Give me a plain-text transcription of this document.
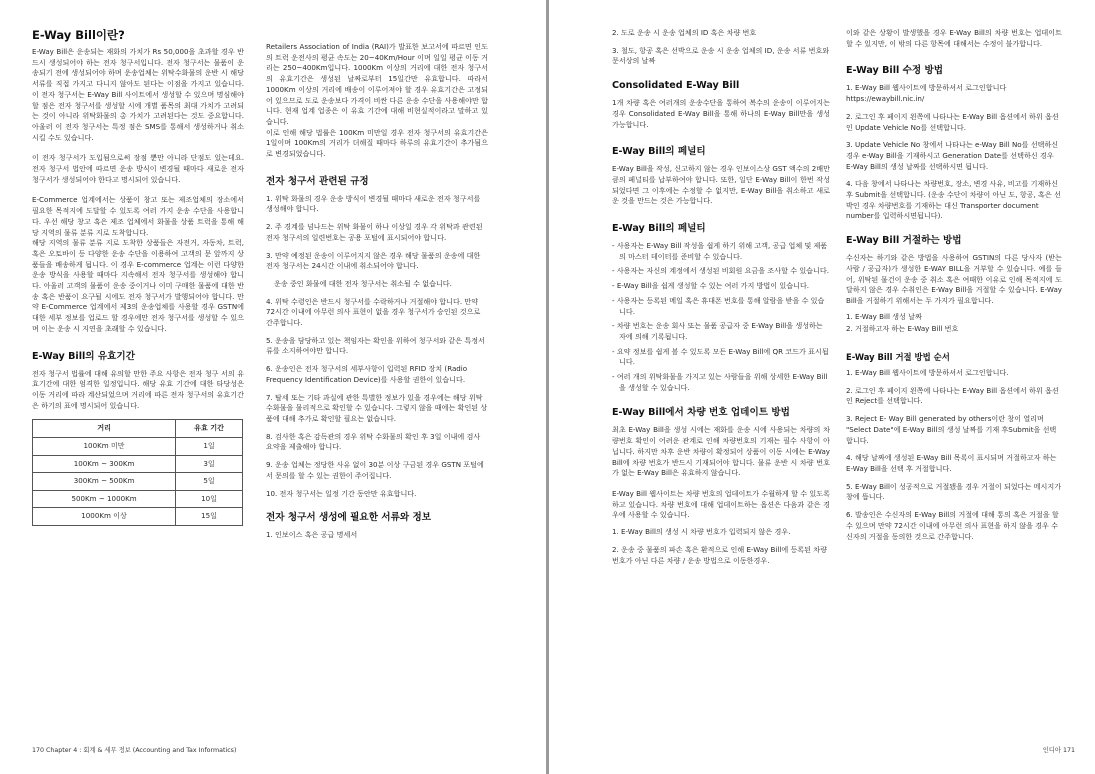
E-Way Bill이란?

E-Way Bill은 운송되는 재화의 가치가 Rs 50,000을 초과할 경우 반드시 생성되어야 하는 전자 청구서입니다. 전자 청구서는 물품이 운송되기 전에 생성되어야 하며 운송업체는 위탁수화물의 운반 시 해당 서류를 직접 가지고 다니지 않아도 된다는 이점을 가지고 있습니다. 이 전자 청구서는 E-Way Bill 사이트에서 생성할 수 있으며 명심해야 할 점은 전자 청구서를 생성할 시에 개별 품목의 최대 가치가 고려되는 것이 아니라 위탁화물의 총 가치가 고려된다는 것도 중요합니다. 아울러 이 전자 청구서는 특정 점은 SMS를 통해서 생성하거나 취소시킬 수도 있습니다.

이 전자 청구서가 도입됨으로써 장점 뿐만 아니라 단점도 있는데요. 전자 청구서 법안에 따르면 운송 방식이 변경될 때마다 새로운 전자 청구서가 생성되어야 한다고 명시되어 있습니다.

E-Commerce 업계에서는 상품이 창고 또는 제조업체의 장소에서 필요한 목적지에 도달할 수 있도록 여러 가지 운송 수단을 사용합니다. 우선 해당 창고 혹은 제조 업체에서 화물을 상품 트럭을 통해 해당 지역의 물류 분류 지로 도착합니다.

해당 지역의 물류 분류 지로 도착한 상품들은 자전거, 자동차, 트럭, 혹은 오토바이 등 다양한 운송 수단을 이용하여 고객의 문 앞까지 상품들을 배송하게 됩니다. 이 경우 E-commerce 업계는 이런 다양한 운송 방식을 사용할 때마다 지속해서 전자 청구서를 생성해야 합니다. 아울러 고객의 물품이 운송 중이거나 이미 구매한 물품에 대한 반송 혹은 반품이 요구될 시에도 전자 청구서가 발행되어야 합니다. 만약 E-Commerce 업계에서 제3의 운송업체를 사용할 경우 GSTN에 대한 세부 정보를 업로드 할 경우에만 전자 청구서를 생성할 수 있으며 이는 운송 시 지연을 초래할 수 있습니다.

E-Way Bill의 유효기간

전자 청구서 법률에 대해 유의할 만한 주요 사항은 전자 청구 서의 유효기간에 대한 엄격한 일정입니다. 해당 유효 기간에 대한 타당성은 이동 거리에 따라 계산되었으며 거리에 따른 전자 청구서의 유효기간은 하기의 표에 명시되어 있습니다.

거리	유효 기간
100Km 미만	1일
100Km ~ 300Km	3일
300Km ~ 500Km	5일
500Km ~ 1000Km	10일
1000Km 이상	15일

Retailers Association of India (RAI)가 발표한 보고서에 따르면 인도의 트럭 운전사의 평균 속도는 20~40Km/Hour 이며 일일 평균 이동 거리는 250~400Km입니다. 1000Km 이상의 거리에 대한 전자 청구서의 유효기간은 생성된 날짜로부터 15일간만 유효합니다. 따라서 1000Km 이상의 거리에 배송이 이루어져야 할 경우 유효기간은 고정되어 있으므로 도로 운송보다 가격이 비싼 다른 운송 수단을 사용해야만 합니다. 현재 업계 업종은 이 유효 기간에 대해 비현실적이라고 말하고 있습니다.

이로 인해 해당 법률은 100Km 미만일 경우 전자 청구서의 유효기간은 1일이며 100Km의 거리가 더해질 때마다 하루의 유효기간이 추가됨으로 변경되었습니다.

전자 청구서 관련된 규정
1. 위탁 화물의 경우 운송 방식이 변경될 때마다 새로운 전자 청구서를 생성해야 합니다.
2. 주 경계를 넘나드는 위탁 화물이 하나 이상일 경우 각 위탁과 관련된 전자 청구서의 일련번호는 공용 포털에 표시되어야 합니다.
3. 만약 예정된 운송이 이루어지지 않은 경우 해당 물품의 운송에 대한 전자 청구서는 24시간 이내에 취소되어야 합니다.
운송 중인 화물에 대한 전자 청구서는 취소될 수 없습니다.
4. 위탁 수령인은 반드시 청구서를 수락하거나 거절해야 합니다. 만약 72시간 이내에 아무런 의사 표현이 없을 경우 청구서가 승인된 것으로 간주합니다.
5. 운송을 담당하고 있는 책임자는 확인을 위하여 청구서와 같은 특정서류를 소지하여야만 합니다.
6. 운송인은 전자 청구서의 세부사항이 입력된 RFID 장치 (Radio Frequency Identification Device)를 사용할 권한이 있습니다.
7. 탈세 또는 기타 과실에 관한 특별한 정보가 있을 경우에는 해당 위탁 수화물을 물리적으로 확인할 수 있습니다. 그렇지 않을 때에는 확인된 상품에 대해 추가로 확인할 필요는 없습니다.
8. 검사한 혹은 감독관의 경우 위탁 수화물의 확인 후 3일 이내에 검사 요약을 제출해야 합니다.
9. 운송 업체는 정당한 사유 없이 30분 이상 구금된 경우 GSTN 포털에서 문의를 할 수 있는 권한이 주어집니다.
10. 전자 청구서는 일정 기간 동안만 유효합니다.
전자 청구서 생성에 필요한 서류와 정보
1. 인보이스 혹은 공급 명세서
170 Chapter 4 : 회계 & 세무 정보 (Accounting and Tax Informatics)
2. 도로 운송 시 운송 업체의 ID 혹은 차량 번호
3. 철도, 항공 혹은 선박으로 운송 시 운송 업체의 ID, 운송 서류 번호와 문서상의 날짜
Consolidated E-Way Bill

1개 차량 혹은 여러개의 운송수단을 통하여 복수의 운송이 이루어지는 경우 Consolidated E-Way Bill을 통해 하나의 E-Way Bill만을 생성 가능합니다.

E-Way Bill의 페널티

E-Way Bill을 작성, 신고하지 않는 경우 인보이스상 GST 액수의 2배만큼의 페널티를 납부하여야 합니다. 또한, 일단 E-Way Bill이 한번 작성되었다면 그 이후에는 수정할 수 없지만, E-Way Bill을 취소하고 새로운 것을 만드는 것은 가능합니다.

E-Way Bill의 페널티
- 사용자는 E-Way Bill 작성을 쉽게 하기 위해 고객, 공급 업체 및 제품의 마스터 데이터를 준비할 수 있습니다.
- 사용자는 자신의 계정에서 생성된 비회원 요금을 조사할 수 있습니다.
- E-Way Bill을 쉽게 생성할 수 있는 여러 가지 방법이 있습니다.
- 사용자는 등록된 메일 혹은 휴대폰 번호를 통해 알람을 받을 수 있습니다.
- 차량 번호는 운송 회사 또는 물품 공급자 중 E-Way Bill을 생성하는 자에 의해 기록됩니다.
- 요약 정보를 쉽게 볼 수 있도록 모든 E-Way Bill에 QR 코드가 표시됩니다.
- 여러 개의 위탁화물을 가지고 있는 사람들을 위해 상세한 E-Way Bill을 생성할 수 있습니다.
E-Way Bill에서 차량 번호 업데이트 방법

최초 E-Way Bill을 생성 시에는 재화를 운송 시에 사용되는 차량의 차량번호 확인이 어려운 관계로 인해 차량번호의 기재는 필수 사항이 아닙니다. 하지만 차후 운반 차량이 확정되어 상품이 이동 시에는 E-Way Bill에 차량 번호가 반드시 기재되어야 합니다. 물류 운반 시 차량 번호가 없는 E-Way Bill은 유효하지 않습니다.

E-Way Bill 웹사이트는 차량 번호의 업데이트가 수월하게 할 수 있도록 하고 있습니다. 차량 번호에 대해 업데이트하는 옵션은 다음과 같은 경우에 사용할 수 있습니다.

1. E-Way Bill의 생성 시 차량 번호가 입력되지 않은 경우.
2. 운송 중 물품의 파손 혹은 환적으로 인해 E-Way Bill에 등록된 차량 번호가 아닌 다른 차량 / 운송 방법으로 이동한경우.

이와 같은 상황이 발생했을 경우 E-Way Bill의 차량 번호는 업데이트할 수 있지만, 이 밖의 다른 항목에 대해서는 수정이 불가합니다.

E-Way Bill 수정 방법
1. E-Way Bill 웹사이트에 방문하셔서 로그인합니다 https://ewaybill.nic.in/
2. 로그인 후 페이지 왼쪽에 나타나는 E-Way Bill 옵션에서 하위 옵션인 Update Vehicle No를 선택합니다.
3. Update Vehicle No 창에서 나타나는 e-Way Bill No를 선택하신 경우 e-Way Bill을 기재하시고 Generation Date를 선택하신 경우 E-Way Bill의 생성 날짜를 선택하시면 됩니다.
4. 다음 창에서 나타나는 차량번호, 장소, 변경 사유, 비고를 기재하신 후 Submit을 선택합니다. (운송 수단이 차량이 아닌 도, 항공, 혹은 선박인 경우 차량번호를 기재하는 대신 Transporter document number를 입력하시면됩니다).
E-Way Bill 거절하는 방법

수신자는 하기와 같은 방법을 사용하여 GSTIN의 다른 당사자 (받는 사람 / 공급자)가 생성한 E-WAY BILL을 거부할 수 있습니다. 예를 들어, 위탁된 물건이 운송 중 취소 혹은 여때한 이유로 인해 목적지에 도달하지 않은 경우 수취인은 E-Way Bill을 거절할 수 있습니다. E-Way Bill을 거절하기 위해서는 두 가지가 필요합니다.

1. E-Way Bill 생성 날짜
2. 거절하고자 하는 E-Way Bill 번호
E-Way Bill 거절 방법 순서
1. E-Way Bill 웹사이트에 방문하셔서 로그인합니다.
2. 로그인 후 페이지 왼쪽에 나타나는 E-Way Bill 옵션에서 하위 옵션인 Reject를 선택합니다.
3. Reject E- Way Bill generated by others이란 창이 열리며 "Select Date"에 E-Way Bill의 생성 날짜를 기재 후Submit을 선택합니다.
4. 해당 날짜에 생성된 E-Way Bill 목록이 표시되며 거절하고자 하는 E-Way Bill을 선택 후 거절합니다.
5. E-Way Bill이 성공적으로 거절됐을 경우 거절이 되었다는 메시지가 창에 뜹니다.
6. 발송인은 수신자의 E-Way Bill의 거절에 대해 통의 혹은 거절을 할 수 있으며 만약 72시간 이내에 아무런 의사 표현을 하지 않을 경우 수신자의 거절을 동의한 것으로 간주합니다.
인디아 171
